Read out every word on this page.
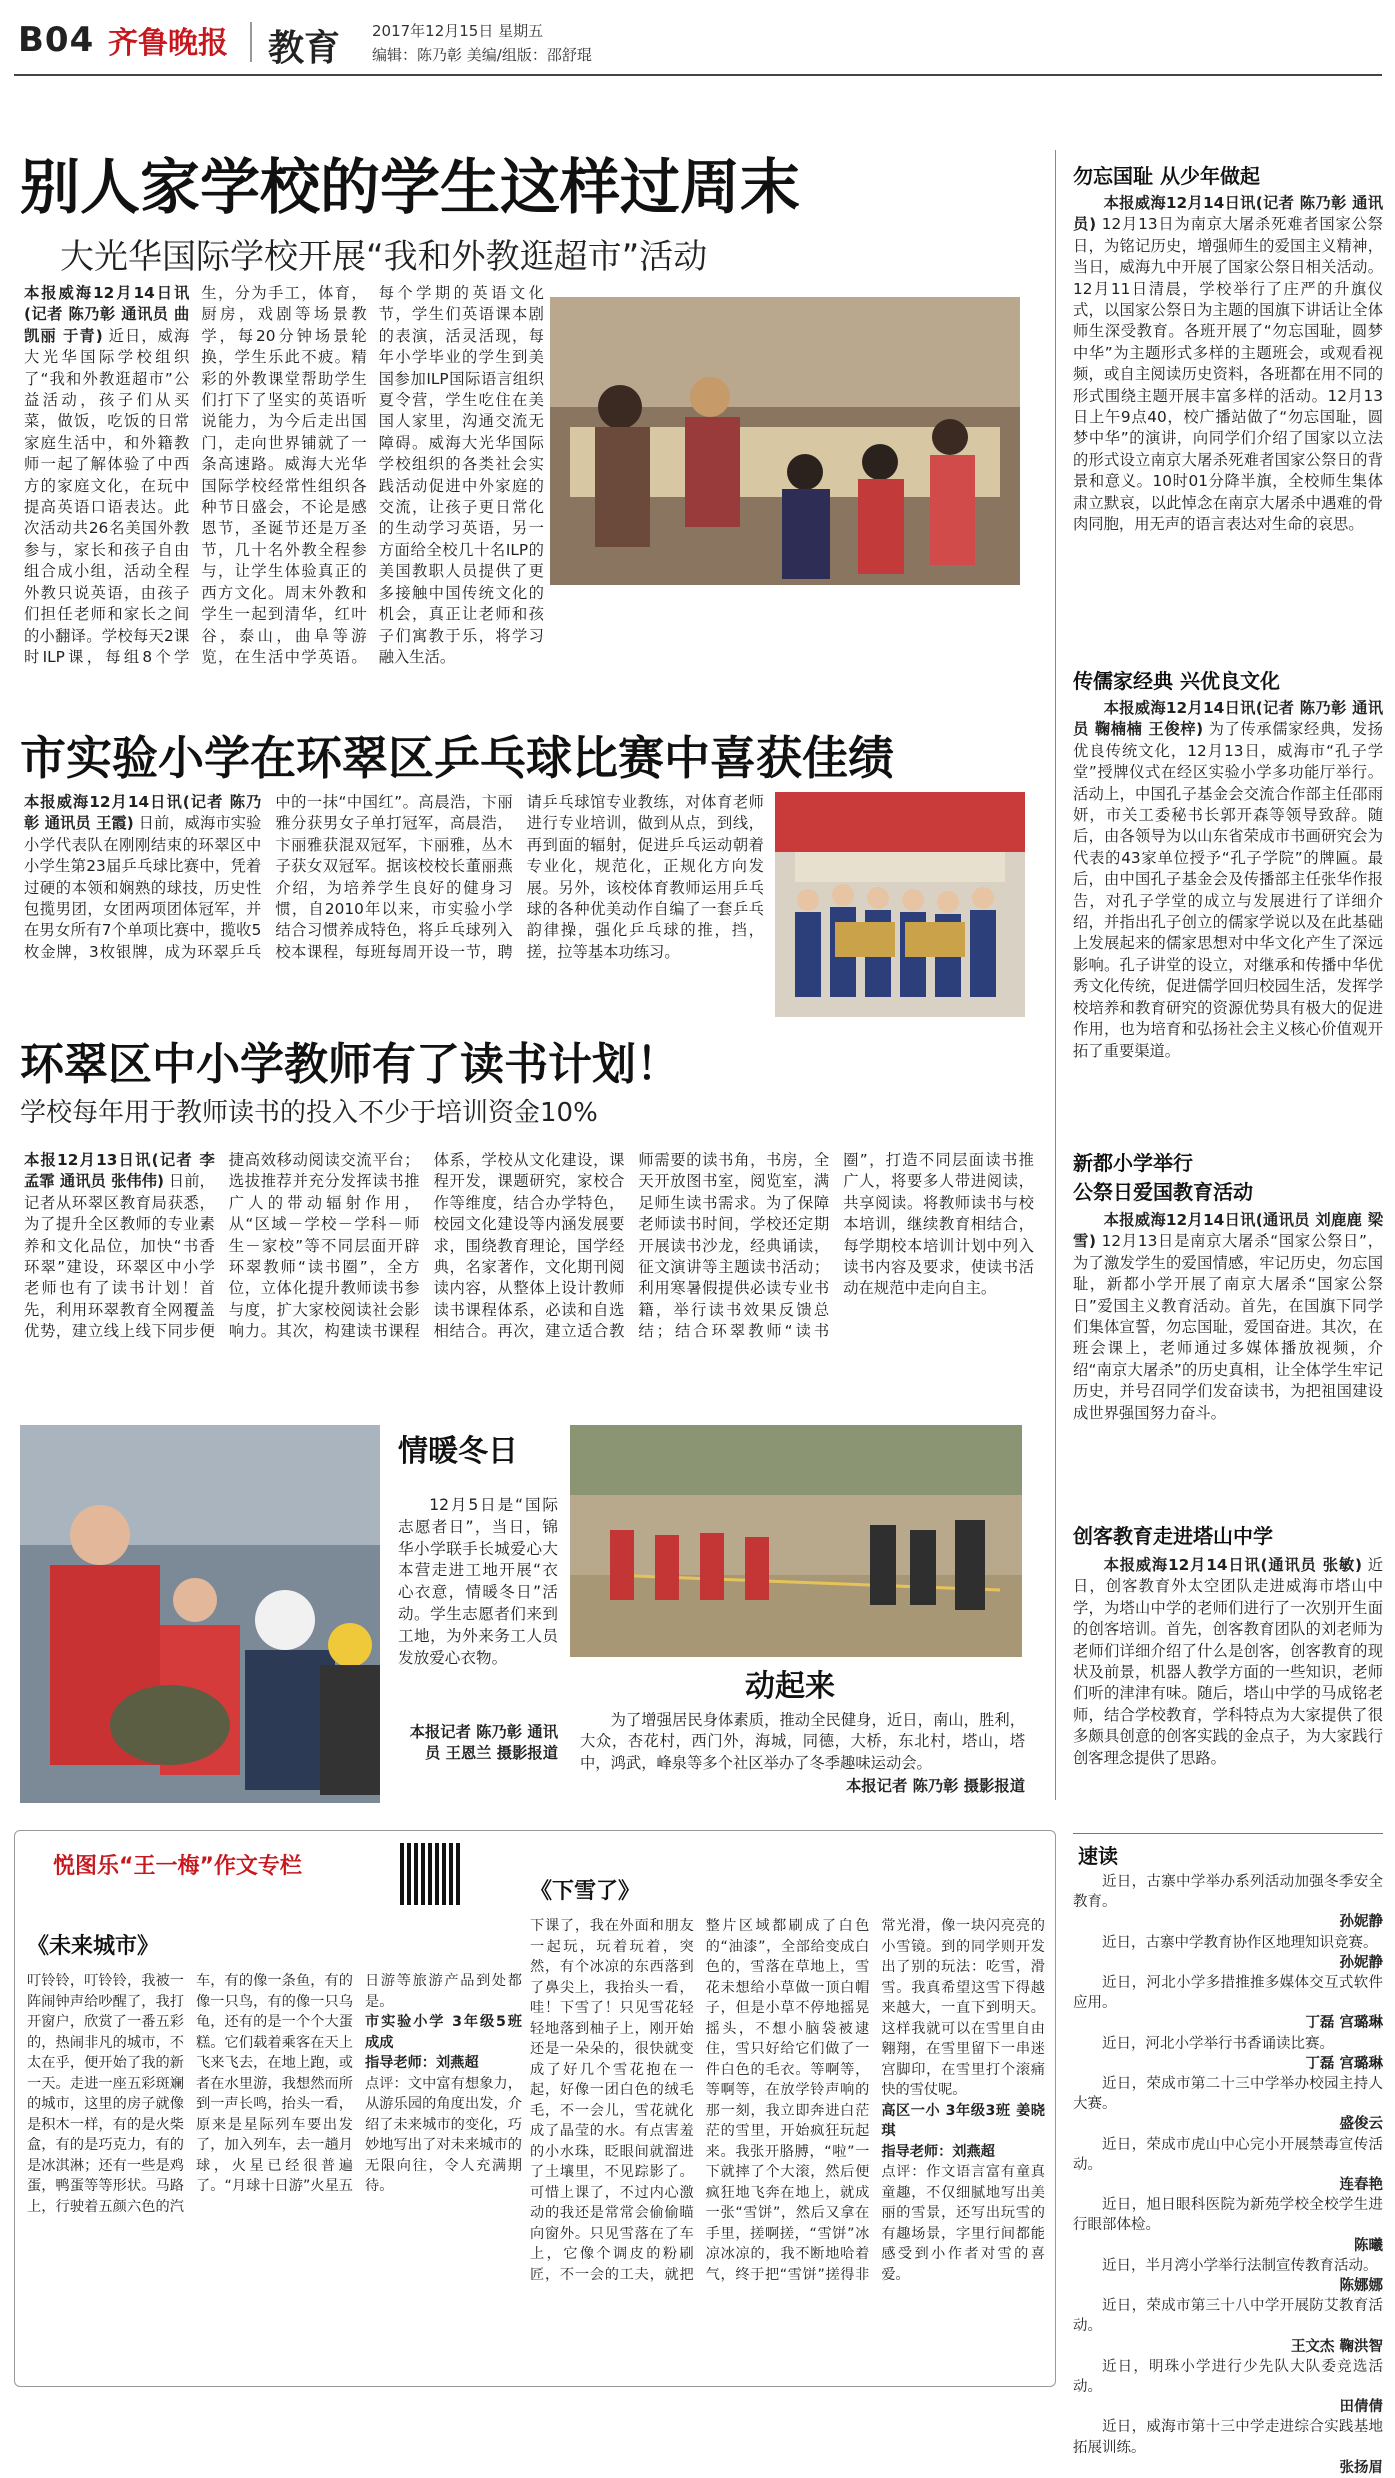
B04 齐鲁晚报 教育 2017年12月15日 星期五
编辑：陈乃彰 美编/组版：邵舒琨
别人家学校的学生这样过周末
大光华国际学校开展“我和外教逛超市”活动
本报威海12月14日讯(记者 陈乃彰 通讯员 曲凯丽 于青) 近日，威海大光华国际学校组织了“我和外教逛超市”公益活动，孩子们从买菜，做饭，吃饭的日常家庭生活中，和外籍教师一起了解体验了中西方的家庭文化，在玩中提高英语口语表达。此次活动共26名美国外教参与，家长和孩子自由组合成小组，活动全程外教只说英语，由孩子们担任老师和家长之间的小翻译。学校每天2课时ILP课，每组8个学生，分为手工，体育，厨房，戏剧等场景教学，每20分钟场景轮换，学生乐此不疲。精彩的外教课堂帮助学生们打下了坚实的英语听说能力，为今后走出国门，走向世界铺就了一条高速路。威海大光华国际学校经常性组织各种节日盛会，不论是感恩节，圣诞节还是万圣节，几十名外教全程参与，让学生体验真正的西方文化。周末外教和学生一起到清华，红叶谷，泰山，曲阜等游览，在生活中学英语。每个学期的英语文化节，学生们英语课本剧的表演，活灵活现，每年小学毕业的学生到美国参加ILP国际语言组织夏令营，学生吃住在美国人家里，沟通交流无障碍。威海大光华国际学校组织的各类社会实践活动促进中外家庭的交流，让孩子更日常化的生动学习英语，另一方面给全校几十名ILP的美国教职人员提供了更多接触中国传统文化的机会，真正让老师和孩子们寓教于乐，将学习融入生活。
市实验小学在环翠区乒乓球比赛中喜获佳绩
本报威海12月14日讯(记者 陈乃彰 通讯员 王霞) 日前，威海市实验小学代表队在刚刚结束的环翠区中小学生第23届乒乓球比赛中，凭着过硬的本领和娴熟的球技，历史性包揽男团，女团两项团体冠军，并在男女所有7个单项比赛中，揽收5枚金牌，3枚银牌，成为环翠乒乓中的一抹“中国红”。高晨浩，卞丽雅分获男女子单打冠军，高晨浩，卞丽雅获混双冠军，卞丽雅，丛木子获女双冠军。据该校校长董丽燕介绍，为培养学生良好的健身习惯，自2010年以来，市实验小学结合习惯养成特色，将乒乓球列入校本课程，每班每周开设一节，聘请乒乓球馆专业教练，对体育老师进行专业培训，做到从点，到线，再到面的辐射，促进乒乓运动朝着专业化，规范化，正规化方向发展。另外，该校体育教师运用乒乓球的各种优美动作自编了一套乒乓韵律操，强化乒乓球的推，挡，搓，拉等基本功练习。
环翠区中小学教师有了读书计划！
学校每年用于教师读书的投入不少于培训资金10%
本报12月13日讯(记者 李孟霏 通讯员 张伟伟) 日前，记者从环翠区教育局获悉，为了提升全区教师的专业素养和文化品位，加快“书香环翠”建设，环翠区中小学老师也有了读书计划！首先，利用环翠教育全网覆盖优势，建立线上线下同步便捷高效移动阅读交流平台；选拔推荐并充分发挥读书推广人的带动辐射作用，从“区域－学校－学科－师生－家校”等不同层面开辟环翠教师“读书圈”，全方位，立体化提升教师读书参与度，扩大家校阅读社会影响力。其次，构建读书课程体系，学校从文化建设，课程开发，课题研究，家校合作等维度，结合办学特色，校园文化建设等内涵发展要求，围绕教育理论，国学经典，名家著作，文化期刊阅读内容，从整体上设计教师读书课程体系，必读和自选相结合。再次，建立适合教师需要的读书角，书房，全天开放图书室，阅览室，满足师生读书需求。为了保障老师读书时间，学校还定期开展读书沙龙，经典诵读，征文演讲等主题读书活动；利用寒暑假提供必读专业书籍，举行读书效果反馈总结；结合环翠教师“读书圈”，打造不同层面读书推广人，将要多人带进阅读，共享阅读。将教师读书与校本培训，继续教育相结合，每学期校本培训计划中列入读书内容及要求，使读书活动在规范中走向自主。
情暖冬日
12月5日是“国际志愿者日”，当日，锦华小学联手长城爱心大本营走进工地开展“衣心衣意，情暖冬日”活动。学生志愿者们来到工地，为外来务工人员发放爱心衣物。
本报记者 陈乃彰 通讯员 王恩兰 摄影报道
动起来
为了增强居民身体素质，推动全民健身，近日，南山，胜利，大众，杏花村，西门外，海城，同德，大桥，东北村，塔山，塔中，鸿武，峰泉等多个社区举办了冬季趣味运动会。
本报记者 陈乃彰 摄影报道
勿忘国耻 从少年做起
本报威海12月14日讯(记者 陈乃彰 通讯员) 12月13日为南京大屠杀死难者国家公祭日，为铭记历史，增强师生的爱国主义精神，当日，威海九中开展了国家公祭日相关活动。12月11日清晨，学校举行了庄严的升旗仪式，以国家公祭日为主题的国旗下讲话让全体师生深受教育。各班开展了“勿忘国耻，圆梦中华”为主题形式多样的主题班会，或观看视频，或自主阅读历史资料，各班都在用不同的形式围绕主题开展丰富多样的活动。12月13日上午9点40，校广播站做了“勿忘国耻，圆梦中华”的演讲，向同学们介绍了国家以立法的形式设立南京大屠杀死难者国家公祭日的背景和意义。10时01分降半旗，全校师生集体肃立默哀，以此悼念在南京大屠杀中遇难的骨肉同胞，用无声的语言表达对生命的哀思。
传儒家经典 兴优良文化
本报威海12月14日讯(记者 陈乃彰 通讯员 鞠楠楠 王俊梓) 为了传承儒家经典，发扬优良传统文化，12月13日，威海市“孔子学堂”授牌仪式在经区实验小学多功能厅举行。活动上，中国孔子基金会交流合作部主任邵雨妍，市关工委秘书长郭开森等领导致辞。随后，由各领导为以山东省荣成市书画研究会为代表的43家单位授予“孔子学院”的牌匾。最后，由中国孔子基金会及传播部主任张华作报告，对孔子学堂的成立与发展进行了详细介绍，并指出孔子创立的儒家学说以及在此基础上发展起来的儒家思想对中华文化产生了深远影响。孔子讲堂的设立，对继承和传播中华优秀文化传统，促进儒学回归校园生活，发挥学校培养和教育研究的资源优势具有极大的促进作用，也为培育和弘扬社会主义核心价值观开拓了重要渠道。
新都小学举行
公祭日爱国教育活动
本报威海12月14日讯(通讯员 刘鹿鹿 梁雪) 12月13日是南京大屠杀“国家公祭日”，为了激发学生的爱国情感，牢记历史，勿忘国耻，新都小学开展了南京大屠杀“国家公祭日”爱国主义教育活动。首先，在国旗下同学们集体宣誓，勿忘国耻，爱国奋进。其次，在班会课上，老师通过多媒体播放视频，介绍“南京大屠杀”的历史真相，让全体学生牢记历史，并号召同学们发奋读书，为把祖国建设成世界强国努力奋斗。
创客教育走进塔山中学
本报威海12月14日讯(通讯员 张敏) 近日，创客教育外太空团队走进威海市塔山中学，为塔山中学的老师们进行了一次别开生面的创客培训。首先，创客教育团队的刘老师为老师们详细介绍了什么是创客，创客教育的现状及前景，机器人教学方面的一些知识，老师们听的津津有味。随后，塔山中学的马成铭老师，结合学校教育，学科特点为大家提供了很多颇具创意的创客实践的金点子，为大家践行创客理念提供了思路。
速读

近日，古寨中学举办系列活动加强冬季安全教育。

孙妮静

近日，古寨中学教育协作区地理知识竞赛。

孙妮静

近日，河北小学多措推推多媒体交互式软件应用。

丁磊 宫璐琳

近日，河北小学举行书香诵读比赛。

丁磊 宫璐琳

近日，荣成市第二十三中学举办校园主持人大赛。

盛俊云

近日，荣成市虎山中心完小开展禁毒宣传活动。

连春艳

近日，旭日眼科医院为新苑学校全校学生进行眼部体检。

陈曦

近日，半月湾小学举行法制宣传教育活动。

陈娜娜

近日，荣成市第三十八中学开展防艾教育活动。

王文杰 鞠洪智

近日，明珠小学进行少先队大队委竞选活动。

田倩倩

近日，威海市第十三中学走进综合实践基地拓展训练。

张扬眉

悦图乐“王一梅”作文专栏
《未来城市》
叮铃铃，叮铃铃，我被一阵闹钟声给吵醒了，我打开窗户，欣赏了一番五彩的，热闹非凡的城市，不太在乎，便开始了我的新一天。走进一座五彩斑斓的城市，这里的房子就像是积木一样，有的是火柴盒，有的是巧克力，有的是冰淇淋；还有一些是鸡蛋，鸭蛋等等形状。马路上，行驶着五颜六色的汽车，有的像一条鱼，有的像一只鸟，有的像一只乌龟，还有的是一个个大蛋糕。它们载着乘客在天上飞来飞去，在地上跑，或者在水里游，我想然而所到一声长鸣，抬头一看，原来是星际列车要出发了，加入列车，去一趟月球，火星已经很普遍了。“月球十日游”火星五日游等旅游产品到处都是。
市实验小学 3年级5班 成成
指导老师：刘燕超
点评：文中富有想象力，从游乐园的角度出发，介绍了未来城市的变化，巧妙地写出了对未来城市的无限向往，令人充满期待。
《下雪了》
下课了，我在外面和朋友一起玩，玩着玩着，突然，有个冰凉的东西落到了鼻尖上，我抬头一看，哇！下雪了！只见雪花轻轻地落到柚子上，刚开始还是一朵朵的，很快就变成了好几个雪花抱在一起，好像一团白色的绒毛毛，不一会儿，雪花就化成了晶莹的水。有点害羞的小水珠，眨眼间就溜进了土壤里，不见踪影了。可惜上课了，不过内心激动的我还是常常会偷偷瞄向窗外。只见雪落在了车上，它像个调皮的粉刷匠，不一会的工夫，就把整片区域都刷成了白色的“油漆”，全部给变成白色的，雪落在草地上，雪花未想给小草做一顶白帽子，但是小草不停地摇晃摇头，不想小脑袋被逮住，雪只好给它们做了一件白色的毛衣。等啊等，等啊等，在放学铃声响的那一刻，我立即奔进白茫茫的雪里，开始疯狂玩起来。我张开胳膊，“啦”一下就摔了个大滚，然后便疯狂地飞奔在地上，就成一张“雪饼”，然后又拿在手里，搓啊搓，“雪饼”冰凉冰凉的，我不断地哈着气，终于把“雪饼”搓得非常光滑，像一块闪亮亮的小雪镜。到的同学则开发出了别的玩法：吃雪，滑雪。我真希望这雪下得越来越大，一直下到明天。这样我就可以在雪里自由翱翔，在雪里留下一串迷宫脚印，在雪里打个滚痛快的雪仗呢。
高区一小 3年级3班 姜晓琪
指导老师：刘燕超
点评：作文语言富有童真童趣，不仅细腻地写出美丽的雪景，还写出玩雪的有趣场景，字里行间都能感受到小作者对雪的喜爱。
